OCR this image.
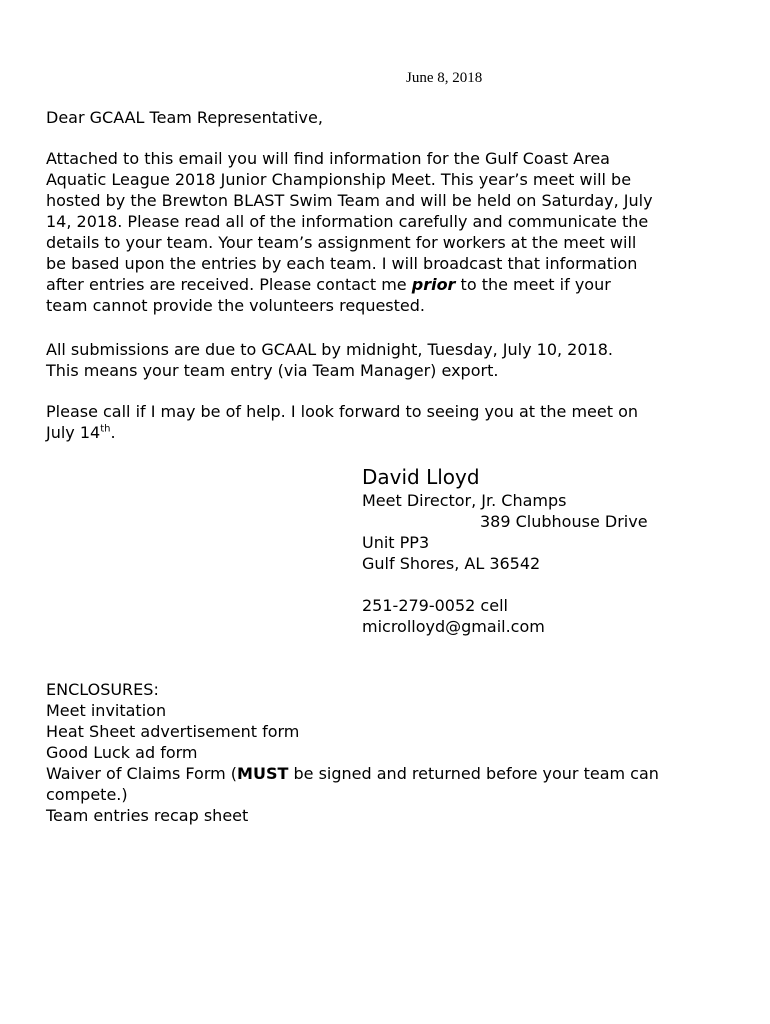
June 8, 2018

Dear GCAAL Team Representative,

Attached to this email you will find information for the Gulf Coast Area
Aquatic League 2018 Junior Championship Meet. This year’s meet will be
hosted by the Brewton BLAST Swim Team and will be held on Saturday, July
14, 2018. Please read all of the information carefully and communicate the
details to your team. Your team’s assignment for workers at the meet will
be based upon the entries by each team. I will broadcast that information
after entries are received. Please contact me prior to the meet if your
team cannot provide the volunteers requested.

All submissions are due to GCAAL by midnight, Tuesday, July 10, 2018.
This means your team entry (via Team Manager) export.

Please call if I may be of help. I look forward to seeing you at the meet on
July 14th.

David Lloyd
Meet Director, Jr. Champs
389 Clubhouse Drive
Unit PP3
Gulf Shores, AL 36542
251-279-0052 cell
microlloyd@gmail.com
ENCLOSURES:
Meet invitation
Heat Sheet advertisement form
Good Luck ad form
Waiver of Claims Form (MUST be signed and returned before your team can compete.)
Team entries recap sheet
